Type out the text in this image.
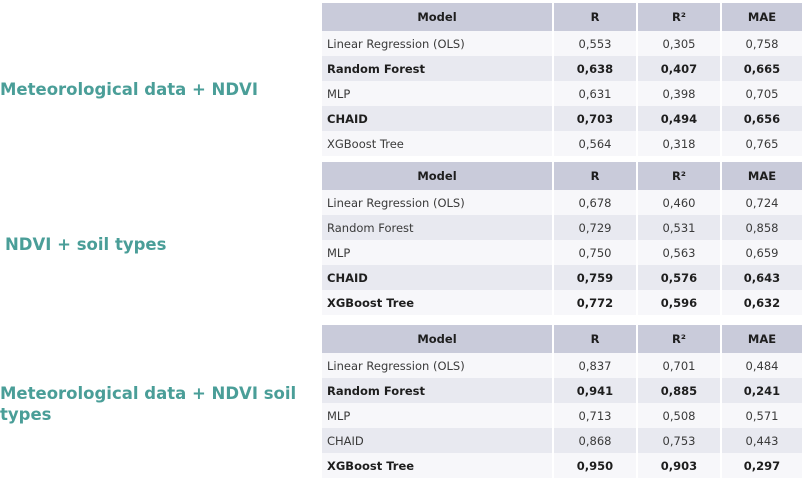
Meteorological data + NDVI
NDVI + soil types
Meteorological data + NDVI soil types
Model	R	R²	MAE
Linear Regression (OLS)	0,553	0,305	0,758
Random Forest	0,638	0,407	0,665
MLP	0,631	0,398	0,705
CHAID	0,703	0,494	0,656
XGBoost Tree	0,564	0,318	0,765
Model	R	R²	MAE
Linear Regression (OLS)	0,678	0,460	0,724
Random Forest	0,729	0,531	0,858
MLP	0,750	0,563	0,659
CHAID	0,759	0,576	0,643
XGBoost Tree	0,772	0,596	0,632
Model	R	R²	MAE
Linear Regression (OLS)	0,837	0,701	0,484
Random Forest	0,941	0,885	0,241
MLP	0,713	0,508	0,571
CHAID	0,868	0,753	0,443
XGBoost Tree	0,950	0,903	0,297
